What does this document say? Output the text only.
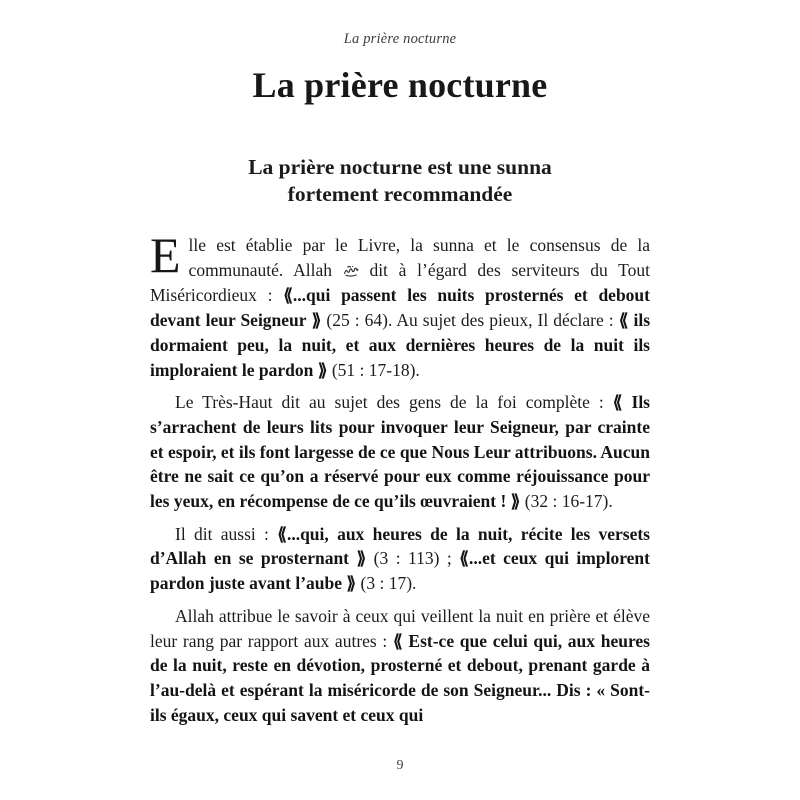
La prière nocturne
La prière nocturne
La prière nocturne est une sunna
fortement recommandée

Elle est établie par le Livre, la sunna et le consensus de la communauté. Allah  dit à l’égard des serviteurs du Tout Miséricordieux : ⟪...qui passent les nuits prosternés et debout devant leur Seigneur ⟫ (25 : 64). Au sujet des pieux, Il déclare : ⟪ ils dormaient peu, la nuit, et aux dernières heures de la nuit ils imploraient le pardon ⟫ (51 : 17-18).

Le Très-Haut dit au sujet des gens de la foi complète : ⟪ Ils s’arrachent de leurs lits pour invoquer leur Seigneur, par crainte et espoir, et ils font largesse de ce que Nous Leur attribuons. Aucun être ne sait ce qu’on a réservé pour eux comme réjouissance pour les yeux, en récompense de ce qu’ils œuvraient ! ⟫ (32 : 16-17).

Il dit aussi : ⟪...qui, aux heures de la nuit, récite les versets d’Allah en se prosternant ⟫ (3 : 113) ; ⟪...et ceux qui implorent pardon juste avant l’aube ⟫ (3 : 17).

Allah attribue le savoir à ceux qui veillent la nuit en prière et élève leur rang par rapport aux autres : ⟪ Est-ce que celui qui, aux heures de la nuit, reste en dévotion, prosterné et debout, prenant garde à l’au-delà et espérant la miséricorde de son Seigneur... Dis : « Sont-ils égaux, ceux qui savent et ceux qui

9
